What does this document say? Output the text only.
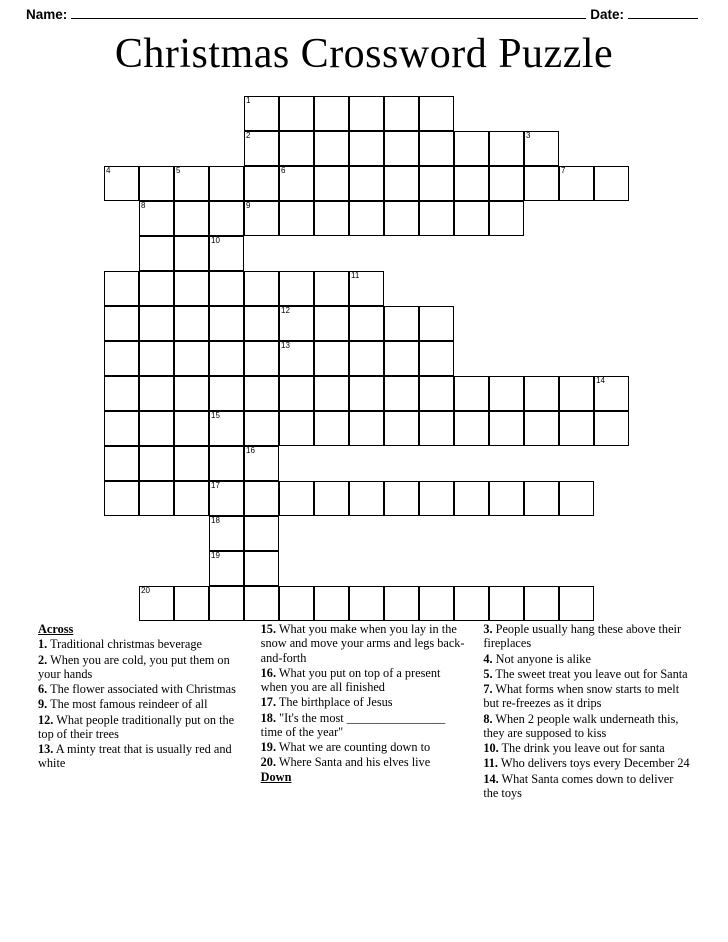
Name:	Date:
Christmas Crossword Puzzle
1
2	3
4	5	6	7
8	9
10
11
12
13
14
15
16
17
18
19
20

Across

1. Traditional christmas beverage

2. When you are cold, you put them on your hands

6. The flower associated with Christmas

9. The most famous reindeer of all

12. What people traditionally put on the top of their trees

13. A minty treat that is usually red and white

15. What you make when you lay in the snow and move your arms and legs back-and-forth

16. What you put on top of a present when you are all finished

17. The birthplace of Jesus

18. "It's the most ________________ time of the year"

19. What we are counting down to

20. Where Santa and his elves live

Down

3. People usually hang these above their fireplaces

4. Not anyone is alike

5. The sweet treat you leave out for Santa

7. What forms when snow starts to melt but re-freezes as it drips

8. When 2 people walk underneath this, they are supposed to kiss

10. The drink you leave out for santa

11. Who delivers toys every December 24

14. What Santa comes down to deliver the toys
